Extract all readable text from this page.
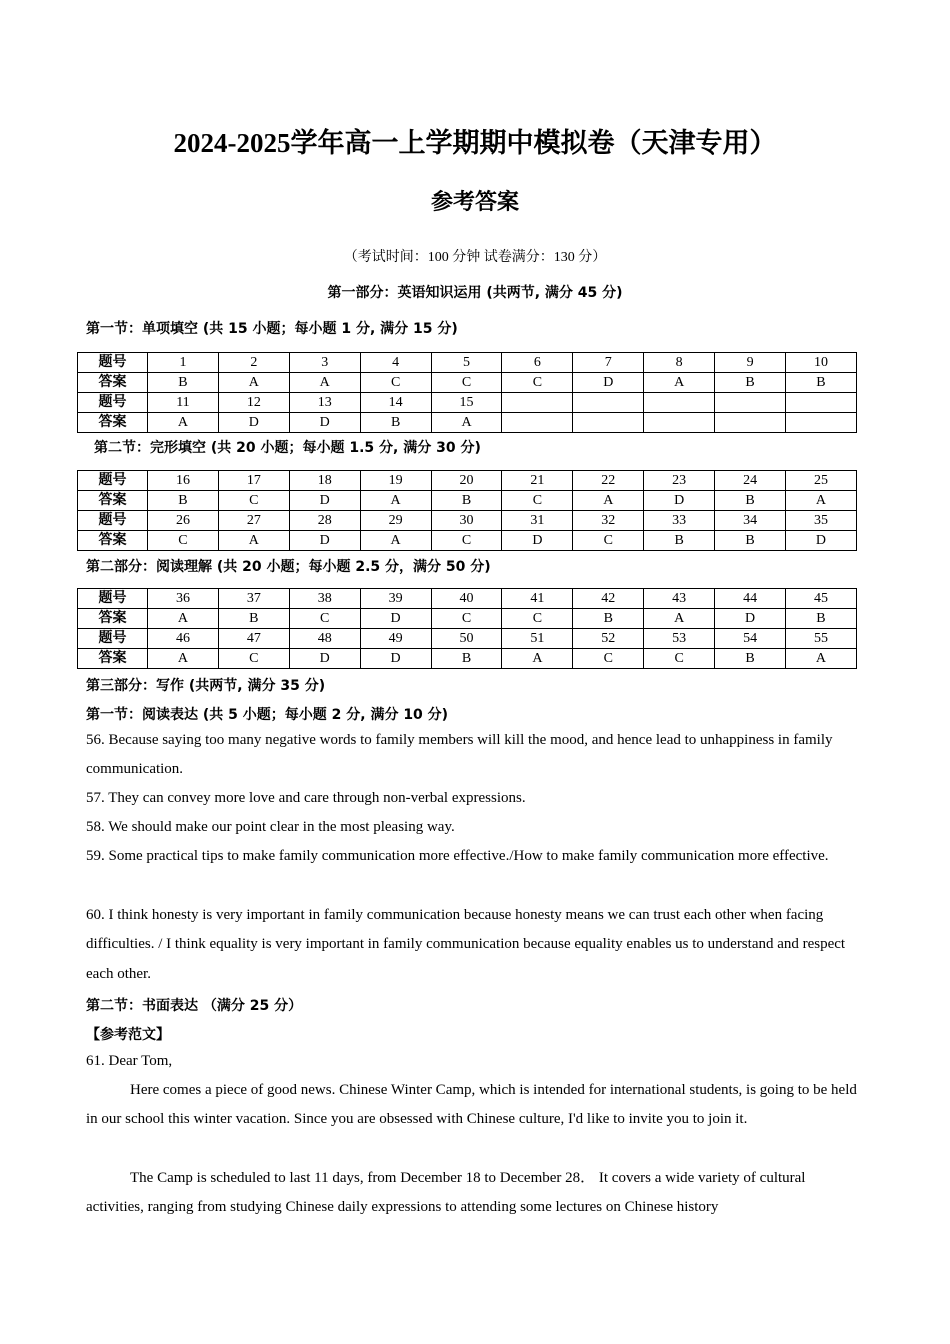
2024-2025学年高一上学期期中模拟卷（天津专用）
参考答案
（考试时间：100 分钟 试卷满分：130 分）
第一部分：英语知识运用 (共两节, 满分 45 分)
第一节：单项填空 (共 15 小题；每小题 1 分, 满分 15 分)
题号	1	2	3	4	5	6	7	8	9	10
答案	B	A	A	C	C	C	D	A	B	B
题号	11	12	13	14	15					
答案	A	D	D	B	A					
第二节：完形填空 (共 20 小题；每小题 1.5 分, 满分 30 分)
题号	16	17	18	19	20	21	22	23	24	25
答案	B	C	D	A	B	C	A	D	B	A
题号	26	27	28	29	30	31	32	33	34	35
答案	C	A	D	A	C	D	C	B	B	D
第二部分：阅读理解 (共 20 小题；每小题 2.5 分，满分 50 分)
题号	36	37	38	39	40	41	42	43	44	45
答案	A	B	C	D	C	C	B	A	D	B
题号	46	47	48	49	50	51	52	53	54	55
答案	A	C	D	D	B	A	C	C	B	A
第三部分：写作 (共两节, 满分 35 分)
第一节：阅读表达 (共 5 小题；每小题 2 分, 满分 10 分)
56. Because saying too many negative words to family members will kill the mood, and hence lead to unhappiness in family communication.
57. They can convey more love and care through non-verbal expressions.
58. We should make our point clear in the most pleasing way.
59. Some practical tips to make family communication more effective./How to make family communication more effective.
60. I think honesty is very important in family communication because honesty means we can trust each other when facing difficulties. / I think equality is very important in family communication because equality enables us to understand and respect each other.
第二节：书面表达 （满分 25 分）
【参考范文】
61. Dear Tom,
Here comes a piece of good news. Chinese Winter Camp, which is intended for international students, is going to be held in our school this winter vacation. Since you are obsessed with Chinese culture, I'd like to invite you to join it.
The Camp is scheduled to last 11 days, from December 18 to December 28． It covers a wide variety of cultural activities, ranging from studying Chinese daily expressions to attending some lectures on Chinese history
